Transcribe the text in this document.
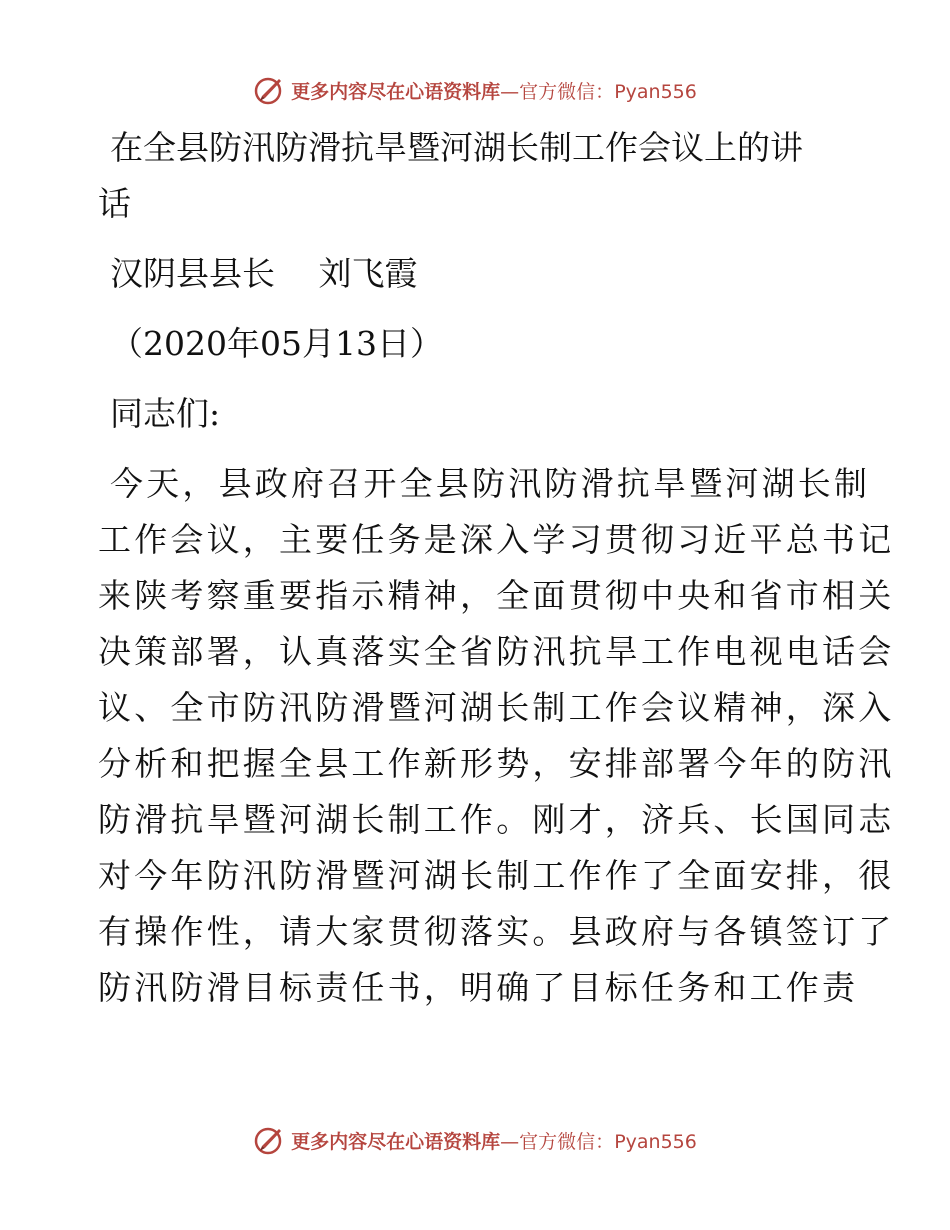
更多内容尽在心语资料库—官方微信：Pyan556
在全县防汛防滑抗旱暨河湖长制工作会议上的讲
话
汉阴县县长　 刘飞霞
（2020年05月13日）
同志们:
今天，县政府召开全县防汛防滑抗旱暨河湖长制
工作会议，主要任务是深入学习贯彻习近平总书记
来陕考察重要指示精神，全面贯彻中央和省市相关
决策部署，认真落实全省防汛抗旱工作电视电话会
议、全市防汛防滑暨河湖长制工作会议精神，深入
分析和把握全县工作新形势，安排部署今年的防汛
防滑抗旱暨河湖长制工作。刚才，济兵、长国同志
对今年防汛防滑暨河湖长制工作作了全面安排，很
有操作性，请大家贯彻落实。县政府与各镇签订了
防汛防滑目标责任书，明确了目标任务和工作责
更多内容尽在心语资料库—官方微信：Pyan556
